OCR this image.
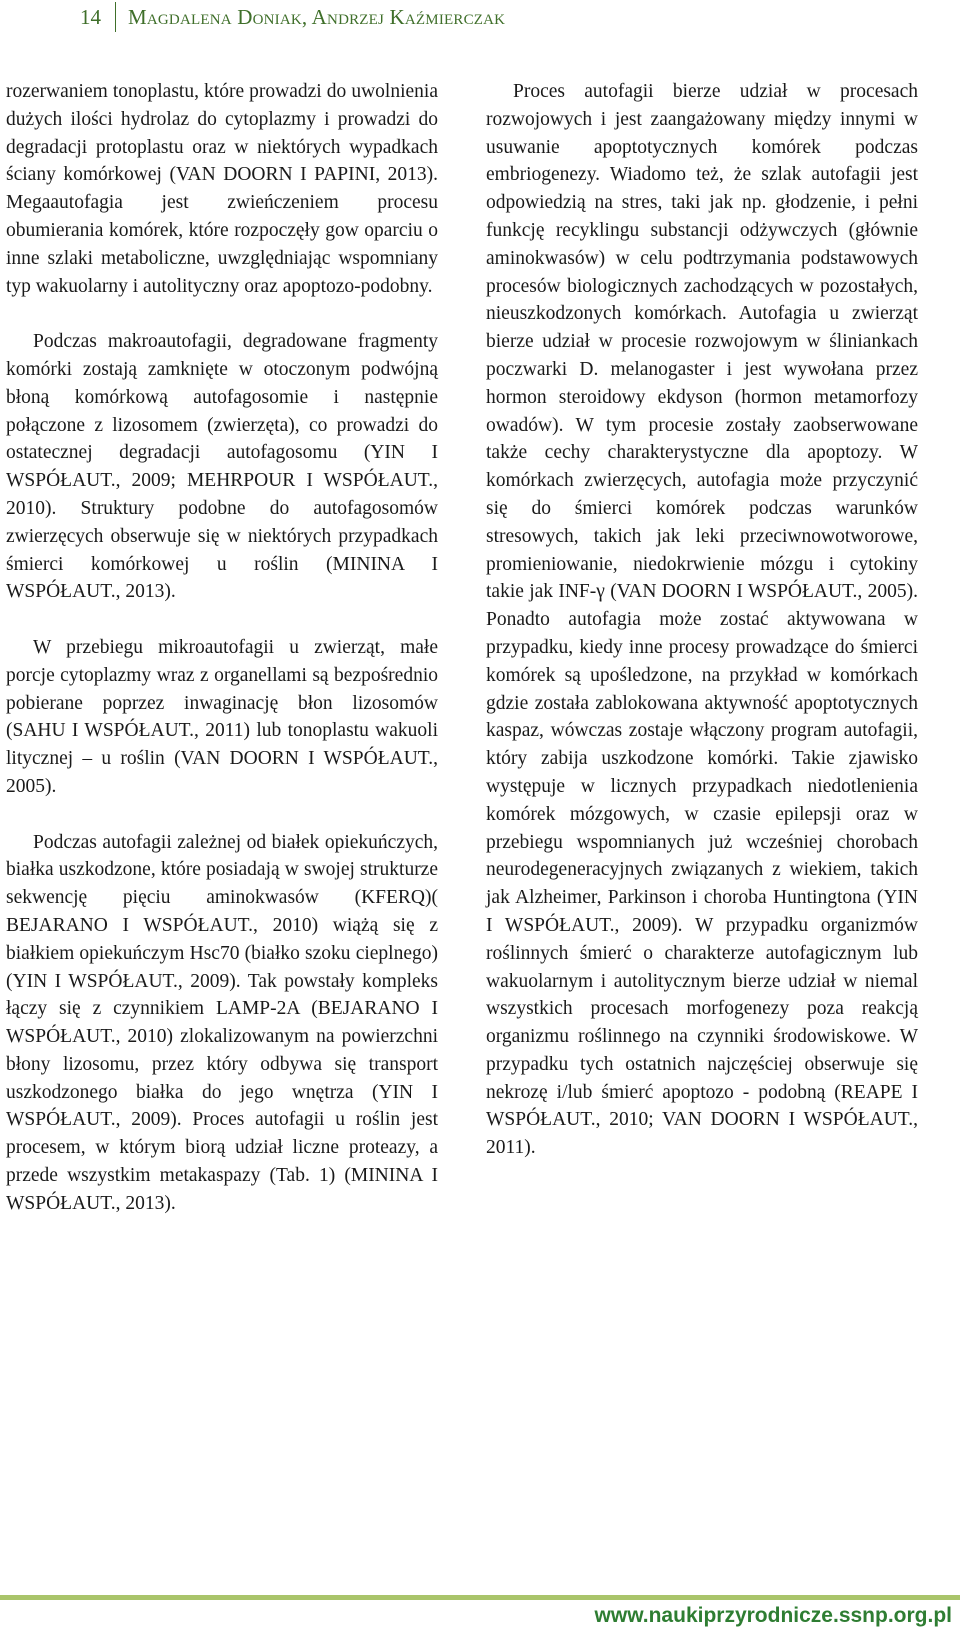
14	Magdalena Doniak, Andrzej Kaźmierczak

rozerwaniem tonoplastu, które prowadzi do uwolnienia dużych ilości hydrolaz do cytoplazmy i prowadzi do degradacji protoplastu oraz w niektórych wypadkach ściany komórkowej (VAN DOORN I PAPINI, 2013). Megaautofagia jest zwieńczeniem procesu obumierania komórek, które rozpoczęły gow oparciu o inne szlaki metaboliczne, uwzględniając wspomniany typ wakuolarny i autolityczny oraz apoptozo-podobny.

Podczas makroautofagii, degradowane fragmenty komórki zostają zamknięte w otoczonym podwójną błoną komórkową autofagosomie i następnie połączone z lizosomem (zwierzęta), co prowadzi do ostatecznej degradacji autofagosomu (YIN I WSPÓŁAUT., 2009; MEHRPOUR I WSPÓŁAUT., 2010). Struktury podobne do autofagosomów zwierzęcych obserwuje się w niektórych przypadkach śmierci komórkowej u roślin (MININA I WSPÓŁAUT., 2013).

W przebiegu mikroautofagii u zwierząt, małe porcje cytoplazmy wraz z organellami są bezpośrednio pobierane poprzez inwaginację błon lizosomów (SAHU I WSPÓŁAUT., 2011) lub tonoplastu wakuoli litycznej – u roślin (VAN DOORN I WSPÓŁAUT., 2005).

Podczas autofagii zależnej od białek opiekuńczych, białka uszkodzone, które posiadają w swojej strukturze sekwencję pięciu aminokwasów (KFERQ)( BEJARANO I WSPÓŁAUT., 2010) wiążą się z białkiem opiekuńczym Hsc70 (białko szoku cieplnego) (YIN I WSPÓŁAUT., 2009). Tak powstały kompleks łączy się z czynnikiem LAMP-2A (BEJARANO I WSPÓŁAUT., 2010) zlokalizowanym na powierzchni błony lizosomu, przez który odbywa się transport uszkodzonego białka do jego wnętrza (YIN I WSPÓŁAUT., 2009). Proces autofagii u roślin jest procesem, w którym biorą udział liczne proteazy, a przede wszystkim metakaspazy (Tab. 1) (MININA I WSPÓŁAUT., 2013).

Proces autofagii bierze udział w procesach rozwojowych i jest zaangażowany między innymi w usuwanie apoptotycznych komórek podczas embriogenezy. Wiadomo też, że szlak autofagii jest odpowiedzią na stres, taki jak np. głodzenie, i pełni funkcję recyklingu substancji odżywczych (głównie aminokwasów) w celu podtrzymania podstawowych procesów biologicznych zachodzących w pozostałych, nieuszkodzonych komórkach. Autofagia u zwierząt bierze udział w procesie rozwojowym w śliniankach poczwarki D. melanogaster i jest wywołana przez hormon steroidowy ekdyson (hormon metamorfozy owadów). W tym procesie zostały zaobserwowane także cechy charakterystyczne dla apoptozy. W komórkach zwierzęcych, autofagia może przyczynić się do śmierci komórek podczas warunków stresowych, takich jak leki przeciwnowotworowe, promieniowanie, niedokrwienie mózgu i cytokiny takie jak INF-γ (VAN DOORN I WSPÓŁAUT., 2005). Ponadto autofagia może zostać aktywowana w przypadku, kiedy inne procesy prowadzące do śmierci komórek są upośledzone, na przykład w komórkach gdzie została zablokowana aktywność apoptotycznych kaspaz, wówczas zostaje włączony program autofagii, który zabija uszkodzone komórki. Takie zjawisko występuje w licznych przypadkach niedotlenienia komórek mózgowych, w czasie epilepsji oraz w przebiegu wspomnianych już wcześniej chorobach neurodegeneracyjnych związanych z wiekiem, takich jak Alzheimer, Parkinson i choroba Huntingtona (YIN I WSPÓŁAUT., 2009). W przypadku organizmów roślinnych śmierć o charakterze autofagicznym lub wakuolarnym i autolitycznym bierze udział w niemal wszystkich procesach morfogenezy poza reakcją organizmu roślinnego na czynniki środowiskowe. W przypadku tych ostatnich najczęściej obserwuje się nekrozę i/lub śmierć apoptozo - podobną (REAPE I WSPÓŁAUT., 2010; VAN DOORN I WSPÓŁAUT., 2011).

www.naukiprzyrodnicze.ssnp.org.pl
